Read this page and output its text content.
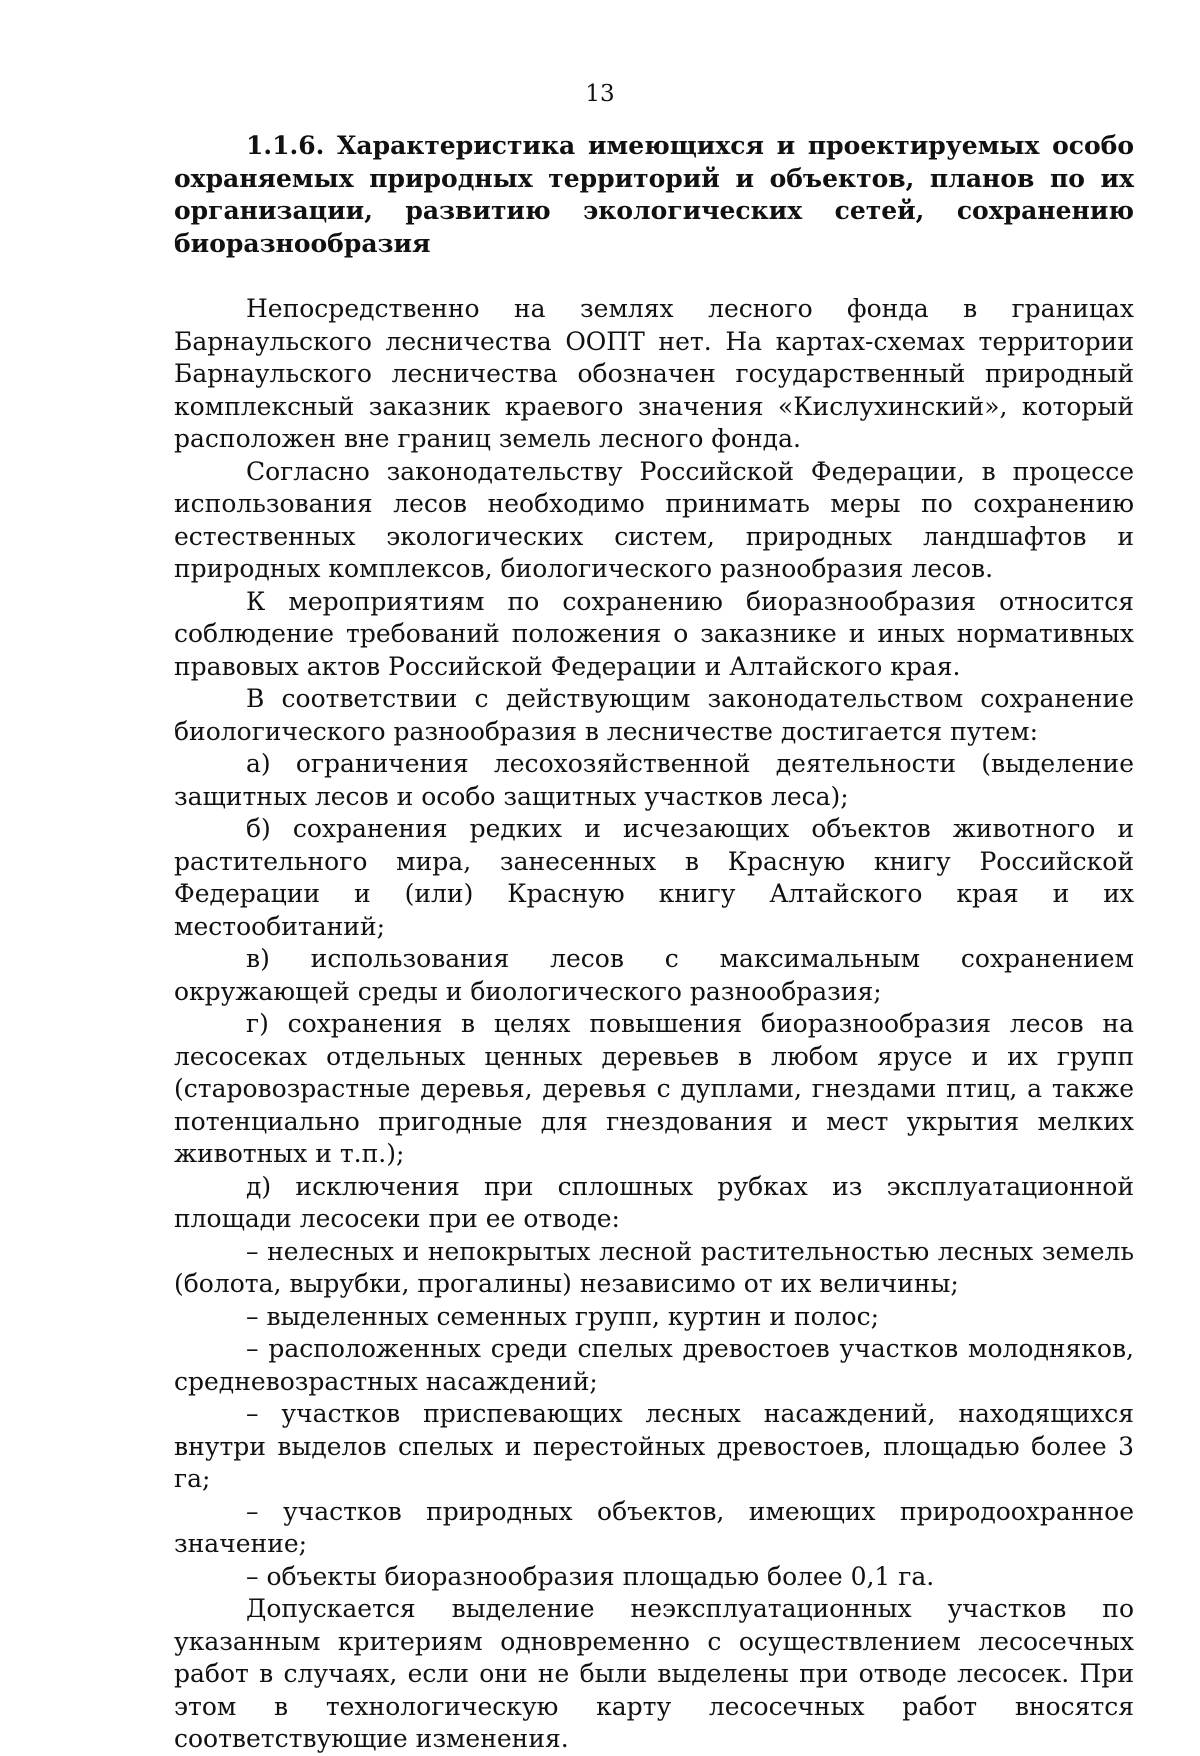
13
1.1.6. Характеристика имеющихся и проектируемых особо охраняемых природных территорий и объектов, планов по их организации, развитию экологических сетей, сохранению биоразнообразия

Непосредственно на землях лесного фонда в границах Барнаульского лесничества ООПТ нет. На картах-схемах территории Барнаульского лесничества обозначен государственный природный комплексный заказник краевого значения «Кислухинский», который расположен вне границ земель лесного фонда.

Согласно законодательству Российской Федерации, в процессе использования лесов необходимо принимать меры по сохранению естественных экологических систем, природных ландшафтов и природных комплексов, биологического разнообразия лесов.

К мероприятиям по сохранению биоразнообразия относится соблюдение требований положения о заказнике и иных нормативных правовых актов Российской Федерации и Алтайского края.

В соответствии с действующим законодательством сохранение биологического разнообразия в лесничестве достигается путем:

а) ограничения лесохозяйственной деятельности (выделение защитных лесов и особо защитных участков леса);

б) сохранения редких и исчезающих объектов животного и растительного мира, занесенных в Красную книгу Российской Федерации и (или) Красную книгу Алтайского края и их местообитаний;

в) использования лесов с максимальным сохранением окружающей среды и биологического разнообразия;

г) сохранения в целях повышения биоразнообразия лесов на лесосеках отдельных ценных деревьев в любом ярусе и их групп (старовозрастные деревья, деревья с дуплами, гнездами птиц, а также потенциально пригодные для гнездования и мест укрытия мелких животных и т.п.);

д) исключения при сплошных рубках из эксплуатационной площади лесосеки при ее отводе:

– нелесных и непокрытых лесной растительностью лесных земель (болота, вырубки, прогалины) независимо от их величины;

– выделенных семенных групп, куртин и полос;

– расположенных среди спелых древостоев участков молодняков, средневозрастных насаждений;

– участков приспевающих лесных насаждений, находящихся внутри выделов спелых и перестойных древостоев, площадью более 3 га;

– участков природных объектов, имеющих природоохранное значение;

– объекты биоразнообразия площадью более 0,1 га.

Допускается выделение неэксплуатационных участков по указанным критериям одновременно с осуществлением лесосечных работ в случаях, если они не были выделены при отводе лесосек. При этом в технологическую карту лесосечных работ вносятся соответствующие изменения.
